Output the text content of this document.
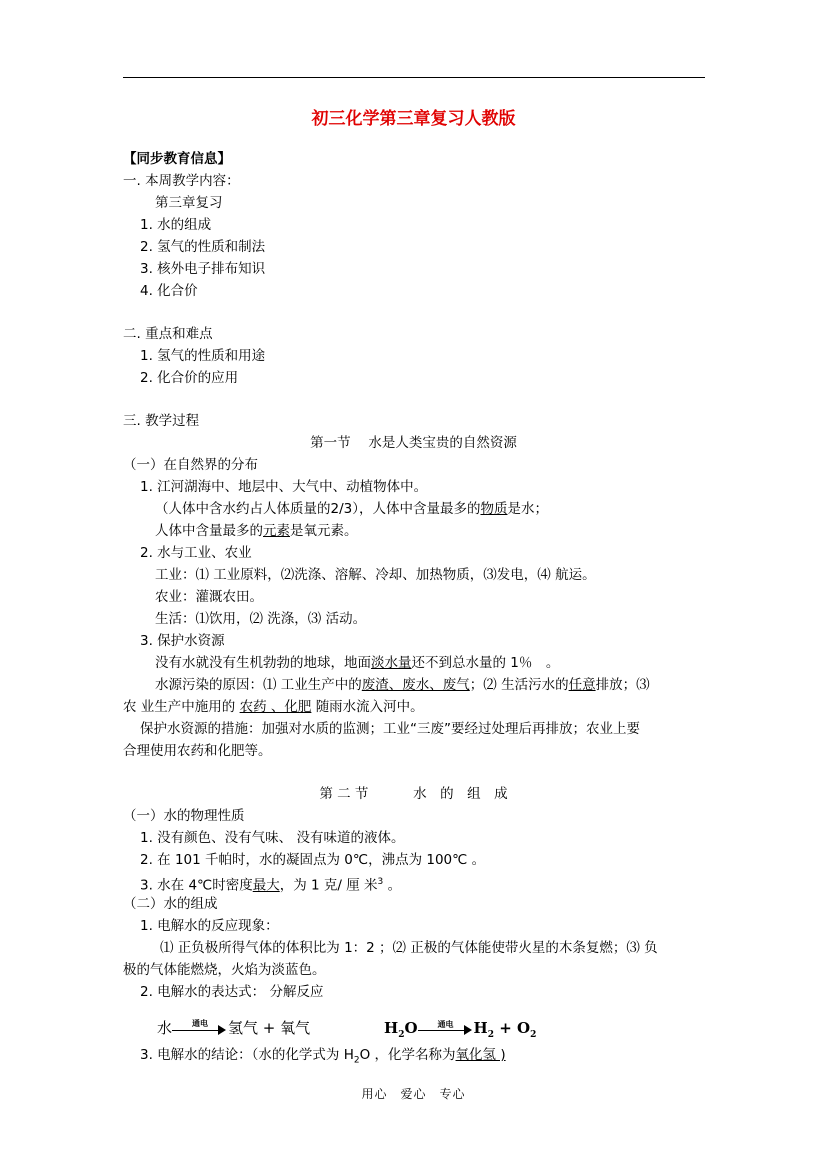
初三化学第三章复习人教版
【同步教育信息】
一. 本周教学内容：
第三章复习
1. 水的组成
2. 氢气的性质和制法
3. 核外电子排布知识
4. 化合价
二. 重点和难点
1. 氢气的性质和用途
2. 化合价的应用
三. 教学过程
第一节　 水是人类宝贵的自然资源
（一）在自然界的分布
1. 江河湖海中、地层中、大气中、动植物体中。
（人体中含水约占人体质量的2/3），人体中含量最多的物质是水；
人体中含量最多的元素是氧元素。
2. 水与工业、农业
工业：⑴ 工业原料，⑵洗涤、溶解、冷却、加热物质，⑶发电，⑷ 航运。
农业：灌溉农田。
生活：⑴饮用，⑵ 洗涤，⑶ 活动。
3. 保护水资源
没有水就没有生机勃勃的地球，地面淡水量还不到总水量的 1％　。
水源污染的原因：⑴ 工业生产中的废渣、废水、废气；⑵ 生活污水的任意排放；⑶
农 业生产中施用的 农药 、化肥 随雨水流入河中。
保护水资源的措施：加强对水质的监测；工业“三废”要经过处理后再排放；农业上要
合理使用农药和化肥等。
第 二 节　　　 水　的　组　成
（一）水的物理性质
1. 没有颜色、没有气味、 没有味道的液体。
2. 在 101 千帕时，水的凝固点为 0℃，沸点为 100℃ 。
3. 水在 4℃时密度最大，为 1 克/ 厘 米$^3$ 。
（二）水的组成
1. 电解水的反应现象：
⑴ 正负极所得气体的体积比为 1：2 ；⑵ 正极的气体能使带火星的木条复燃；⑶ 负
极的气体能燃烧，火焰为淡蓝色。
2. 电解水的表达式： 分解反应
水	通电	氢气 + 氧气	$H_2O$	通电	$H_2 + O_2$
3. 电解水的结论：（水的化学式为 $H_2O$ ，化学名称为氧化氢 )
用心　爱心　专心
